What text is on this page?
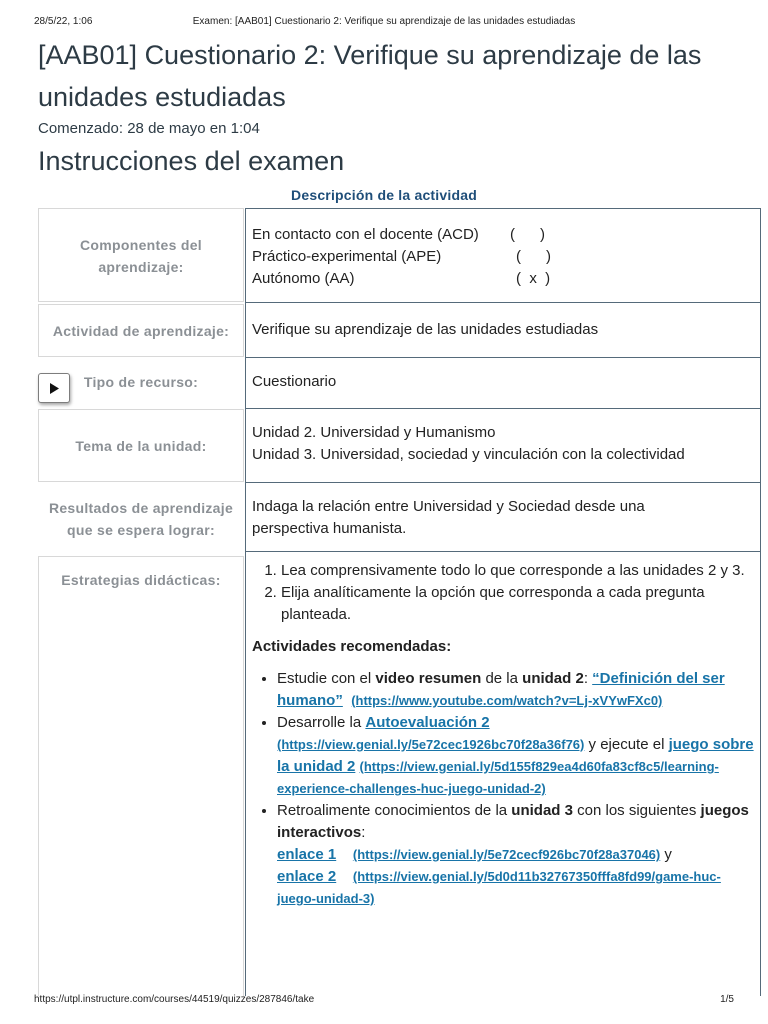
28/5/22, 1:06	Examen: [AAB01] Cuestionario 2: Verifique su aprendizaje de las unidades estudiadas
[AAB01] Cuestionario 2: Verifique su aprendizaje de las unidades estudiadas
Comenzado: 28 de mayo en 1:04
Instrucciones del examen
Descripción de la actividad
Componentes del aprendizaje:
En contacto con el docente (ACD) (      )
Práctico-experimental (APE)	(      )
Autónomo (AA)	(  x  )
Actividad de aprendizaje:	Verifique su aprendizaje de las unidades estudiadas
Tipo de recurso:	Cuestionario
Tema de la unidad:
Unidad 2. Universidad y Humanismo
Unidad 3. Universidad, sociedad y vinculación con la colectividad
Resultados de aprendizaje que se espera lograr:
Indaga la relación entre Universidad y Sociedad desde una perspectiva humanista.
Estrategias didácticas:
1. Lea comprensivamente todo lo que corresponde a las unidades 2 y 3.
2. Elija analíticamente la opción que corresponda a cada pregunta planteada.

Actividades recomendadas:

• Estudie con el video resumen de la unidad 2: “Definición del ser humano” (https://www.youtube.com/watch?v=Lj-xVYwFXc0)
• Desarrolle la Autoevaluación 2 (https://view.genial.ly/5e72cec1926bc70f28a36f76) y ejecute el juego sobre la unidad 2 (https://view.genial.ly/5d155f829ea4d60fa83cf8c5/learning-experience-challenges-huc-juego-unidad-2)
• Retroalimente conocimientos de la unidad 3 con los siguientes juegos interactivos:
enlace 1 (https://view.genial.ly/5e72cecf926bc70f28a37046) y
enlace 2 (https://view.genial.ly/5d0d11b32767350fffa8fd99/game-huc-juego-unidad-3)
https://utpl.instructure.com/courses/44519/quizzes/287846/take	1/5
